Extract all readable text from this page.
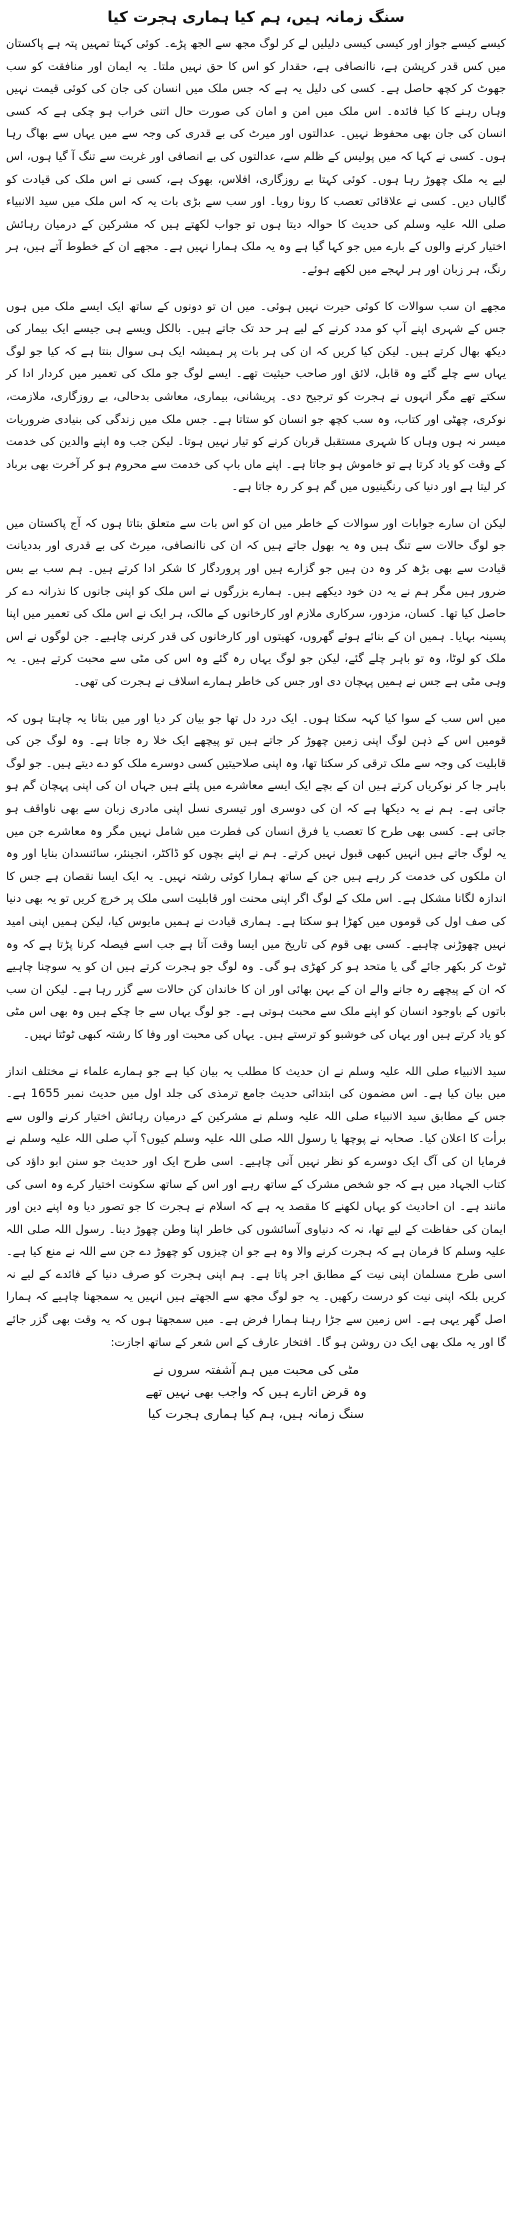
سنگ زمانہ ہیں، ہم کیا ہماری ہجرت کیا

کیسے کیسے جواز اور کیسی کیسی دلیلیں لے کر لوگ مجھ سے الجھ پڑے۔ کوئی کہتا تمہیں پتہ ہے پاکستان میں کس قدر کرپشن ہے، ناانصافی ہے، حقدار کو اس کا حق نہیں ملتا۔ یہ ایمان اور منافقت کو سب جھوٹ کر کچھ حاصل ہے۔ کسی کی دلیل یہ ہے کہ جس ملک میں انسان کی جان کی کوئی قیمت نہیں وہاں رہنے کا کیا فائدہ۔ اس ملک میں امن و امان کی صورت حال اتنی خراب ہو چکی ہے کہ کسی انسان کی جان بھی محفوظ نہیں۔ عدالتوں اور میرٹ کی بے قدری کی وجہ سے میں یہاں سے بھاگ رہا ہوں۔ کسی نے کہا کہ میں پولیس کے ظلم سے، عدالتوں کی بے انصافی اور غربت سے تنگ آ گیا ہوں، اس لیے یہ ملک چھوڑ رہا ہوں۔ کوئی کہتا بے روزگاری، افلاس، بھوک ہے، کسی نے اس ملک کی قیادت کو گالیاں دیں۔ کسی نے علاقائی تعصب کا رونا رویا۔ اور سب سے بڑی بات یہ کہ اس ملک میں سید الانبیاء صلی اللہ علیہ وسلم کی حدیث کا حوالہ دیتا ہوں تو جواب لکھتے ہیں کہ مشرکین کے درمیان رہائش اختیار کرنے والوں کے بارے میں جو کہا گیا ہے وہ یہ ملک ہمارا نہیں ہے۔ مجھے ان کے خطوط آتے ہیں، ہر رنگ، ہر زبان اور ہر لہجے میں لکھے ہوئے۔

مجھے ان سب سوالات کا کوئی حیرت نہیں ہوئی۔ میں ان تو دونوں کے ساتھ ایک ایسے ملک میں ہوں جس کے شہری اپنے آپ کو مدد کرنے کے لیے ہر حد تک جاتے ہیں۔ بالکل ویسے ہی جیسے ایک بیمار کی دیکھ بھال کرتے ہیں۔ لیکن کیا کریں کہ ان کی ہر بات پر ہمیشہ ایک ہی سوال بنتا ہے کہ کیا جو لوگ یہاں سے چلے گئے وہ قابل، لائق اور صاحب حیثیت تھے۔ ایسے لوگ جو ملک کی تعمیر میں کردار ادا کر سکتے تھے مگر انہوں نے ہجرت کو ترجیح دی۔ پریشانی، بیماری، معاشی بدحالی، بے روزگاری، ملازمت، نوکری، چھٹی اور کتاب، وہ سب کچھ جو انسان کو ستاتا ہے۔ جس ملک میں زندگی کی بنیادی ضروریات میسر نہ ہوں وہاں کا شہری مستقبل قربان کرنے کو تیار نہیں ہوتا۔ لیکن جب وہ اپنے والدین کی خدمت کے وقت کو یاد کرتا ہے تو خاموش ہو جاتا ہے۔ اپنے ماں باپ کی خدمت سے محروم ہو کر آخرت بھی برباد کر لیتا ہے اور دنیا کی رنگینیوں میں گم ہو کر رہ جاتا ہے۔

لیکن ان سارے جوابات اور سوالات کے خاطر میں ان کو اس بات سے متعلق بتاتا ہوں کہ آج پاکستان میں جو لوگ حالات سے تنگ ہیں وہ یہ بھول جاتے ہیں کہ ان کی ناانصافی، میرٹ کی بے قدری اور بددیانت قیادت سے بھی بڑھ کر وہ دن ہیں جو گزارے ہیں اور پروردگار کا شکر ادا کرتے ہیں۔ ہم سب بے بس ضرور ہیں مگر ہم نے یہ دن خود دیکھے ہیں۔ ہمارے بزرگوں نے اس ملک کو اپنی جانوں کا نذرانہ دے کر حاصل کیا تھا۔ کسان، مزدور، سرکاری ملازم اور کارخانوں کے مالک، ہر ایک نے اس ملک کی تعمیر میں اپنا پسینہ بہایا۔ ہمیں ان کے بنائے ہوئے گھروں، کھیتوں اور کارخانوں کی قدر کرنی چاہیے۔ جن لوگوں نے اس ملک کو لوٹا، وہ تو باہر چلے گئے، لیکن جو لوگ یہاں رہ گئے وہ اس کی مٹی سے محبت کرتے ہیں۔ یہ وہی مٹی ہے جس نے ہمیں پہچان دی اور جس کی خاطر ہمارے اسلاف نے ہجرت کی تھی۔

میں اس سب کے سوا کیا کہہ سکتا ہوں۔ ایک درد دل تھا جو بیان کر دیا اور میں بتانا یہ چاہتا ہوں کہ قومیں اس کے ذہن لوگ اپنی زمین چھوڑ کر جاتے ہیں تو پیچھے ایک خلا رہ جاتا ہے۔ وہ لوگ جن کی قابلیت کی وجہ سے ملک ترقی کر سکتا تھا، وہ اپنی صلاحیتیں کسی دوسرے ملک کو دے دیتے ہیں۔ جو لوگ باہر جا کر نوکریاں کرتے ہیں ان کے بچے ایک ایسے معاشرے میں پلتے ہیں جہاں ان کی اپنی پہچان گم ہو جاتی ہے۔ ہم نے یہ دیکھا ہے کہ ان کی دوسری اور تیسری نسل اپنی مادری زبان سے بھی ناواقف ہو جاتی ہے۔ کسی بھی طرح کا تعصب یا فرق انسان کی فطرت میں شامل نہیں مگر وہ معاشرے جن میں یہ لوگ جاتے ہیں انہیں کبھی قبول نہیں کرتے۔ ہم نے اپنے بچوں کو ڈاکٹر، انجینئر، سائنسدان بنایا اور وہ ان ملکوں کی خدمت کر رہے ہیں جن کے ساتھ ہمارا کوئی رشتہ نہیں۔ یہ ایک ایسا نقصان ہے جس کا اندازہ لگانا مشکل ہے۔ اس ملک کے لوگ اگر اپنی محنت اور قابلیت اسی ملک پر خرچ کریں تو یہ بھی دنیا کی صف اول کی قوموں میں کھڑا ہو سکتا ہے۔ ہماری قیادت نے ہمیں مایوس کیا، لیکن ہمیں اپنی امید نہیں چھوڑنی چاہیے۔ کسی بھی قوم کی تاریخ میں ایسا وقت آتا ہے جب اسے فیصلہ کرنا پڑتا ہے کہ وہ ٹوٹ کر بکھر جائے گی یا متحد ہو کر کھڑی ہو گی۔ وہ لوگ جو ہجرت کرتے ہیں ان کو یہ سوچنا چاہیے کہ ان کے پیچھے رہ جانے والے ان کے بہن بھائی اور ان کا خاندان کن حالات سے گزر رہا ہے۔ لیکن ان سب باتوں کے باوجود انسان کو اپنے ملک سے محبت ہوتی ہے۔ جو لوگ یہاں سے جا چکے ہیں وہ بھی اس مٹی کو یاد کرتے ہیں اور یہاں کی خوشبو کو ترستے ہیں۔ یہاں کی محبت اور وفا کا رشتہ کبھی ٹوٹتا نہیں۔

سید الانبیاء صلی اللہ علیہ وسلم نے ان حدیث کا مطلب یہ بیان کیا ہے جو ہمارے علماء نے مختلف انداز میں بیان کیا ہے۔ اس مضمون کی ابتدائی حدیث جامع ترمذی کی جلد اول میں حدیث نمبر 1655 ہے۔ جس کے مطابق سید الانبیاء صلی اللہ علیہ وسلم نے مشرکین کے درمیان رہائش اختیار کرنے والوں سے برأت کا اعلان کیا۔ صحابہ نے پوچھا یا رسول اللہ صلی اللہ علیہ وسلم کیوں؟ آپ صلی اللہ علیہ وسلم نے فرمایا ان کی آگ ایک دوسرے کو نظر نہیں آنی چاہیے۔ اسی طرح ایک اور حدیث جو سنن ابو داؤد کی کتاب الجہاد میں ہے کہ جو شخص مشرک کے ساتھ رہے اور اس کے ساتھ سکونت اختیار کرے وہ اسی کی مانند ہے۔ ان احادیث کو یہاں لکھنے کا مقصد یہ ہے کہ اسلام نے ہجرت کا جو تصور دیا وہ اپنے دین اور ایمان کی حفاظت کے لیے تھا، نہ کہ دنیاوی آسائشوں کی خاطر اپنا وطن چھوڑ دینا۔ رسول اللہ صلی اللہ علیہ وسلم کا فرمان ہے کہ ہجرت کرنے والا وہ ہے جو ان چیزوں کو چھوڑ دے جن سے اللہ نے منع کیا ہے۔ اسی طرح مسلمان اپنی نیت کے مطابق اجر پاتا ہے۔ ہم اپنی ہجرت کو صرف دنیا کے فائدے کے لیے نہ کریں بلکہ اپنی نیت کو درست رکھیں۔ یہ جو لوگ مجھ سے الجھتے ہیں انہیں یہ سمجھنا چاہیے کہ ہمارا اصل گھر یہی ہے۔ اس زمین سے جڑا رہنا ہمارا فرض ہے۔ میں سمجھتا ہوں کہ یہ وقت بھی گزر جائے گا اور یہ ملک بھی ایک دن روشن ہو گا۔ افتخار عارف کے اس شعر کے ساتھ اجازت:

مٹی کی محبت میں ہم آشفتہ سروں نے
وہ قرض اتارے ہیں کہ واجب بھی نہیں تھے
سنگ زمانہ ہیں، ہم کیا ہماری ہجرت کیا
